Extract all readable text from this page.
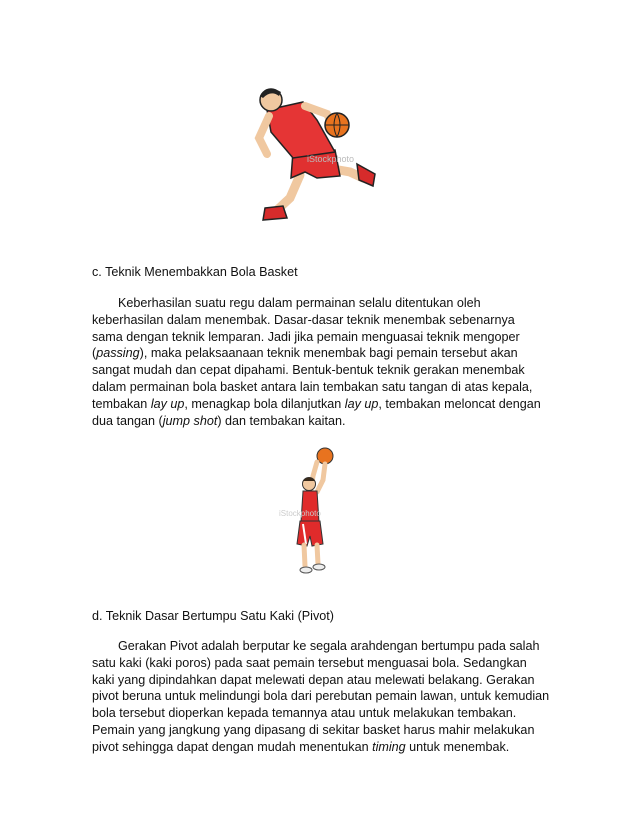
iStockphoto
c. Teknik Menembakkan Bola Basket
Keberhasilan suatu regu dalam permainan selalu ditentukan oleh
keberhasilan dalam menembak. Dasar-dasar teknik menembak sebenarnya
sama dengan teknik lemparan. Jadi jika pemain menguasai teknik mengoper
(passing), maka pelaksaanaan teknik menembak bagi pemain tersebut akan
sangat mudah dan cepat dipahami. Bentuk-bentuk teknik gerakan menembak
dalam permainan bola basket antara lain tembakan satu tangan di atas kepala,
tembakan lay up, menagkap bola dilanjutkan lay up, tembakan meloncat dengan
dua tangan (jump shot) dan tembakan kaitan.
iStockphoto
d. Teknik Dasar Bertumpu Satu Kaki (Pivot)
Gerakan Pivot adalah berputar ke segala arahdengan bertumpu pada salah
satu kaki (kaki poros) pada saat pemain tersebut menguasai bola. Sedangkan
kaki yang dipindahkan dapat melewati depan atau melewati belakang. Gerakan
pivot beruna untuk melindungi bola dari perebutan pemain lawan, untuk kemudian
bola tersebut dioperkan kepada temannya atau untuk melakukan tembakan.
Pemain yang jangkung yang dipasang di sekitar basket harus mahir melakukan
pivot sehingga dapat dengan mudah menentukan timing untuk menembak.
